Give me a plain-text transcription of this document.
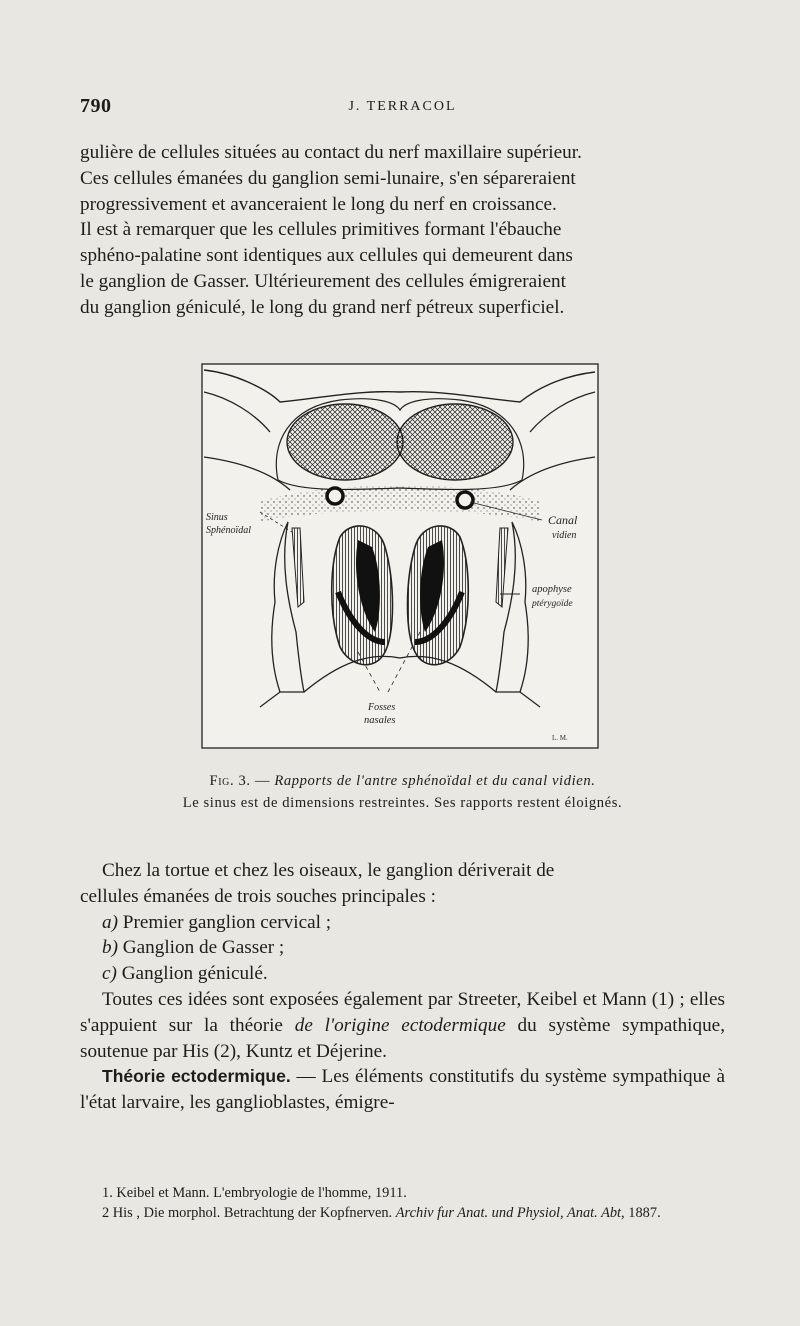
790	J. TERRACOL

gulière de cellules situées au contact du nerf maxillaire supérieur.

Ces cellules émanées du ganglion semi-lunaire, s'en sépareraient

progressivement et avanceraient le long du nerf en croissance.

Il est à remarquer que les cellules primitives formant l'ébauche

sphéno-palatine sont identiques aux cellules qui demeurent dans

le ganglion de Gasser. Ultérieurement des cellules émigreraient

du ganglion géniculé, le long du grand nerf pétreux superficiel.

Sinus
Sphénoïdal
Canal
vidien
apophyse
ptérygoïde
Fosses
nasales
L. M.
Fig. 3. — Rapports de l'antre sphénoïdal et du canal vidien.
Le sinus est de dimensions restreintes. Ses rapports restent éloignés.

Chez la tortue et chez les oiseaux, le ganglion dériverait de

cellules émanées de trois souches principales :

a) Premier ganglion cervical ;

b) Ganglion de Gasser ;

c) Ganglion géniculé.

Toutes ces idées sont exposées également par Streeter, Keibel et Mann (1) ; elles s'appuient sur la théorie de l'origine ectodermique du système sympathique, soutenue par His (2), Kuntz et Déjerine.

Théorie ectodermique. — Les éléments constitutifs du système sympathique à l'état larvaire, les ganglioblastes, émigre-

1. Keibel et Mann. L'embryologie de l'homme, 1911.

2 His , Die morphol. Betrachtung der Kopfnerven. Archiv fur Anat. und Physiol, Anat. Abt, 1887.
